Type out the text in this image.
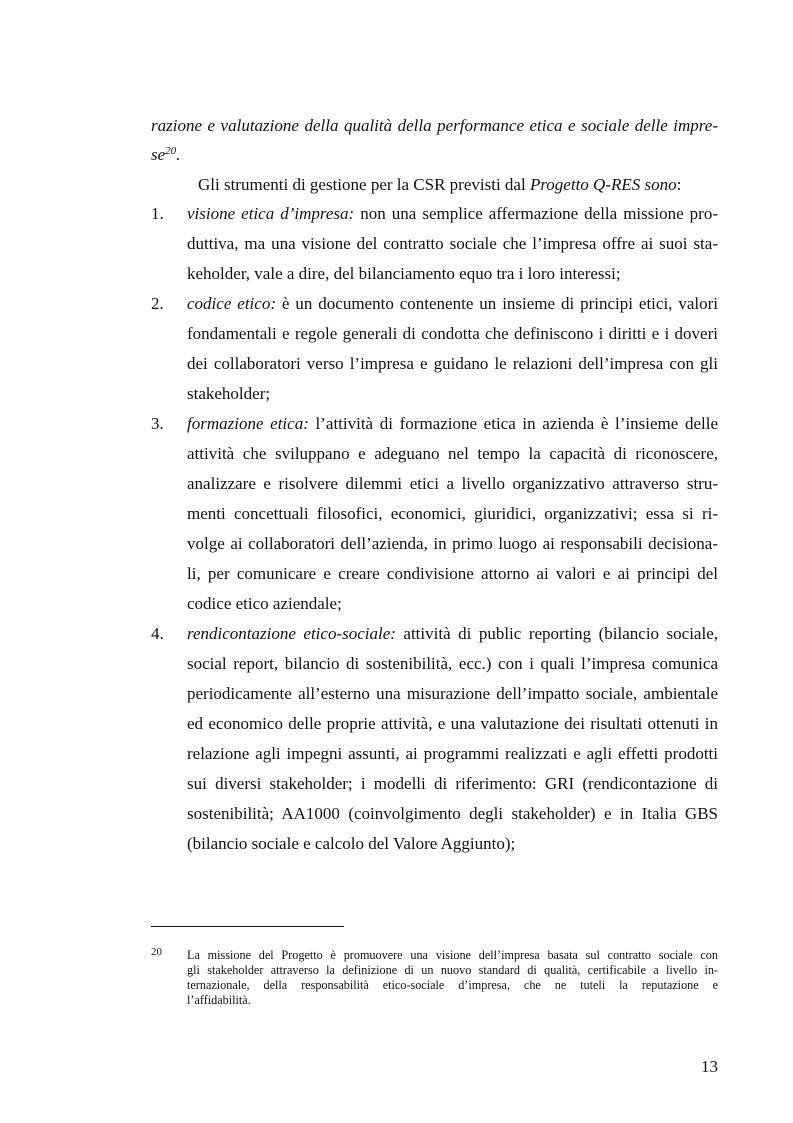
razione e valutazione della qualità della performance etica e sociale delle impre-
$se^{20}$.
Gli strumenti di gestione per la CSR previsti dal Progetto Q-RES sono:
1. visione etica d’impresa: non una semplice affermazione della missione pro-
duttiva, ma una visione del contratto sociale che l’impresa offre ai suoi sta-
keholder, vale a dire, del bilanciamento equo tra i loro interessi;
2. codice etico: è un documento contenente un insieme di principi etici, valori
fondamentali e regole generali di condotta che definiscono i diritti e i doveri
dei collaboratori verso l’impresa e guidano le relazioni dell’impresa con gli
stakeholder;
3. formazione etica: l’attività di formazione etica in azienda è l’insieme delle
attività che sviluppano e adeguano nel tempo la capacità di riconoscere,
analizzare e risolvere dilemmi etici a livello organizzativo attraverso stru-
menti concettuali filosofici, economici, giuridici, organizzativi; essa si ri-
volge ai collaboratori dell’azienda, in primo luogo ai responsabili decisiona-
li, per comunicare e creare condivisione attorno ai valori e ai principi del
codice etico aziendale;
4. rendicontazione etico-sociale: attività di public reporting (bilancio sociale,
social report, bilancio di sostenibilità, ecc.) con i quali l’impresa comunica
periodicamente all’esterno una misurazione dell’impatto sociale, ambientale
ed economico delle proprie attività, e una valutazione dei risultati ottenuti in
relazione agli impegni assunti, ai programmi realizzati e agli effetti prodotti
sui diversi stakeholder; i modelli di riferimento: GRI (rendicontazione di
sostenibilità; AA1000 (coinvolgimento degli stakeholder) e in Italia GBS
(bilancio sociale e calcolo del Valore Aggiunto);
20 La missione del Progetto è promuovere una visione dell’impresa basata sul contratto sociale con
gli stakeholder attraverso la definizione di un nuovo standard di qualità, certificabile a livello in-
ternazionale, della responsabilità etico-sociale d’impresa, che ne tuteli la reputazione e
l’affidabilità.
13
